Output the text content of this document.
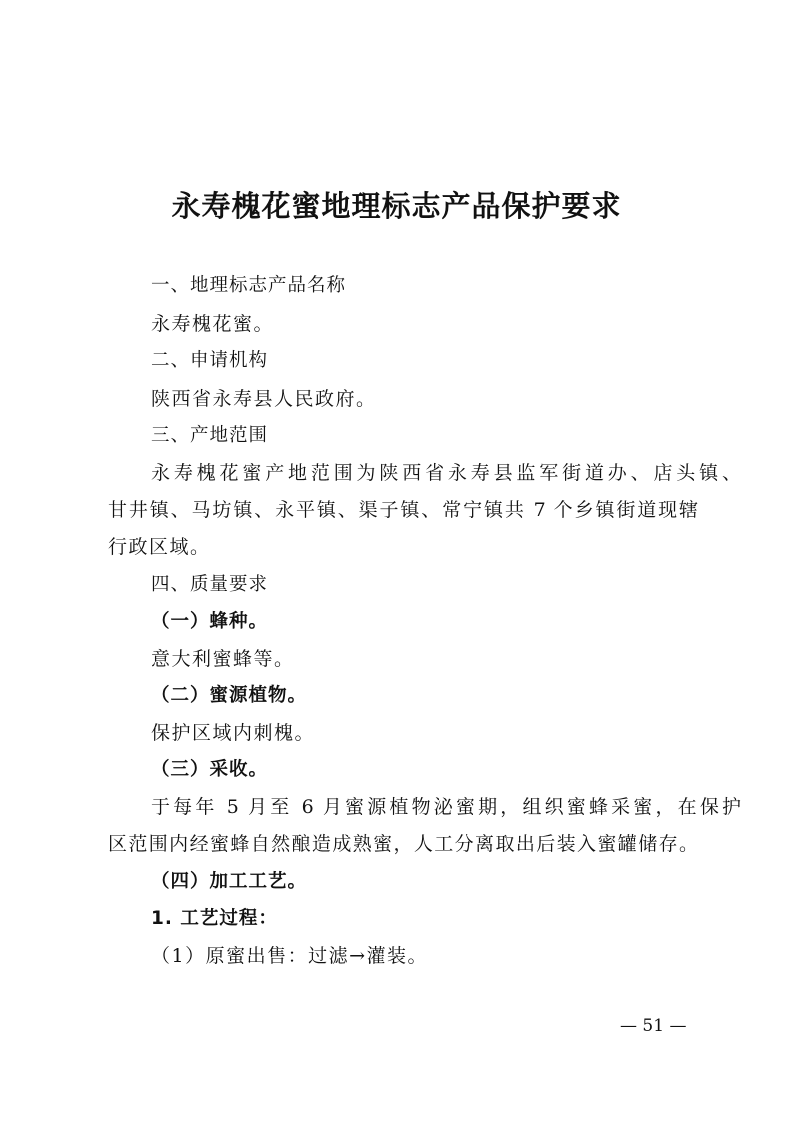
永寿槐花蜜地理标志产品保护要求
一、地理标志产品名称
永寿槐花蜜。
二、申请机构
陕西省永寿县人民政府。
三、产地范围
永寿槐花蜜产地范围为陕西省永寿县监军街道办、店头镇、
甘井镇、马坊镇、永平镇、渠子镇、常宁镇共 7 个乡镇街道现辖
行政区域。
四、质量要求
（一）蜂种。
意大利蜜蜂等。
（二）蜜源植物。
保护区域内刺槐。
（三）采收。
于每年 5 月至 6 月蜜源植物泌蜜期，组织蜜蜂采蜜，在保护
区范围内经蜜蜂自然酿造成熟蜜，人工分离取出后装入蜜罐储存。
（四）加工工艺。
1. 工艺过程：
（1）原蜜出售：过滤→灌装。
— 51 —
